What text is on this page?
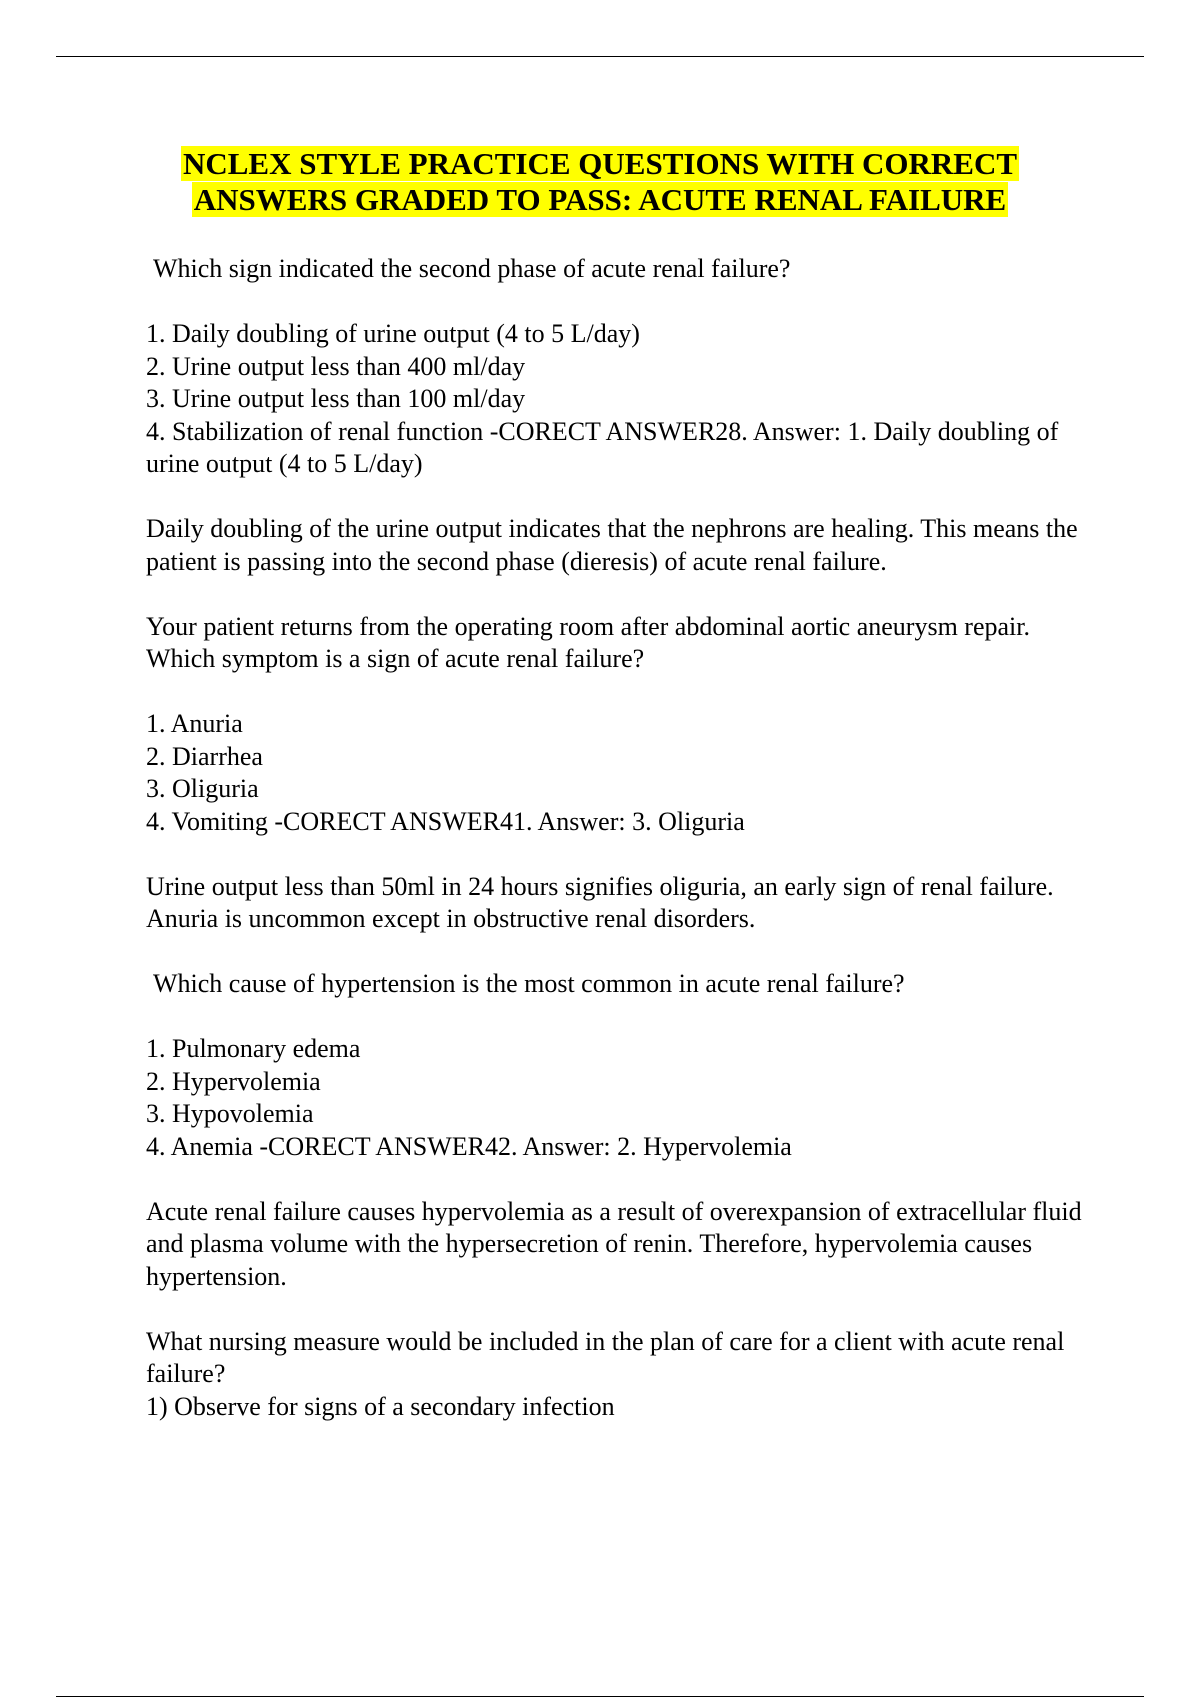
NCLEX STYLE PRACTICE QUESTIONS WITH CORRECT
ANSWERS GRADED TO PASS: ACUTE RENAL FAILURE

Which sign indicated the second phase of acute renal failure?

1. Daily doubling of urine output (4 to 5 L/day)
2. Urine output less than 400 ml/day
3. Urine output less than 100 ml/day
4. Stabilization of renal function -CORECT ANSWER28. Answer: 1. Daily doubling of urine output (4 to 5 L/day)

Daily doubling of the urine output indicates that the nephrons are healing. This means the patient is passing into the second phase (dieresis) of acute renal failure.

Your patient returns from the operating room after abdominal aortic aneurysm repair. Which symptom is a sign of acute renal failure?

1. Anuria
2. Diarrhea
3. Oliguria
4. Vomiting -CORECT ANSWER41. Answer: 3. Oliguria

Urine output less than 50ml in 24 hours signifies oliguria, an early sign of renal failure. Anuria is uncommon except in obstructive renal disorders.

Which cause of hypertension is the most common in acute renal failure?

1. Pulmonary edema
2. Hypervolemia
3. Hypovolemia
4. Anemia -CORECT ANSWER42. Answer: 2. Hypervolemia

Acute renal failure causes hypervolemia as a result of overexpansion of extracellular fluid and plasma volume with the hypersecretion of renin. Therefore, hypervolemia causes hypertension.

What nursing measure would be included in the plan of care for a client with acute renal failure?
1) Observe for signs of a secondary infection
